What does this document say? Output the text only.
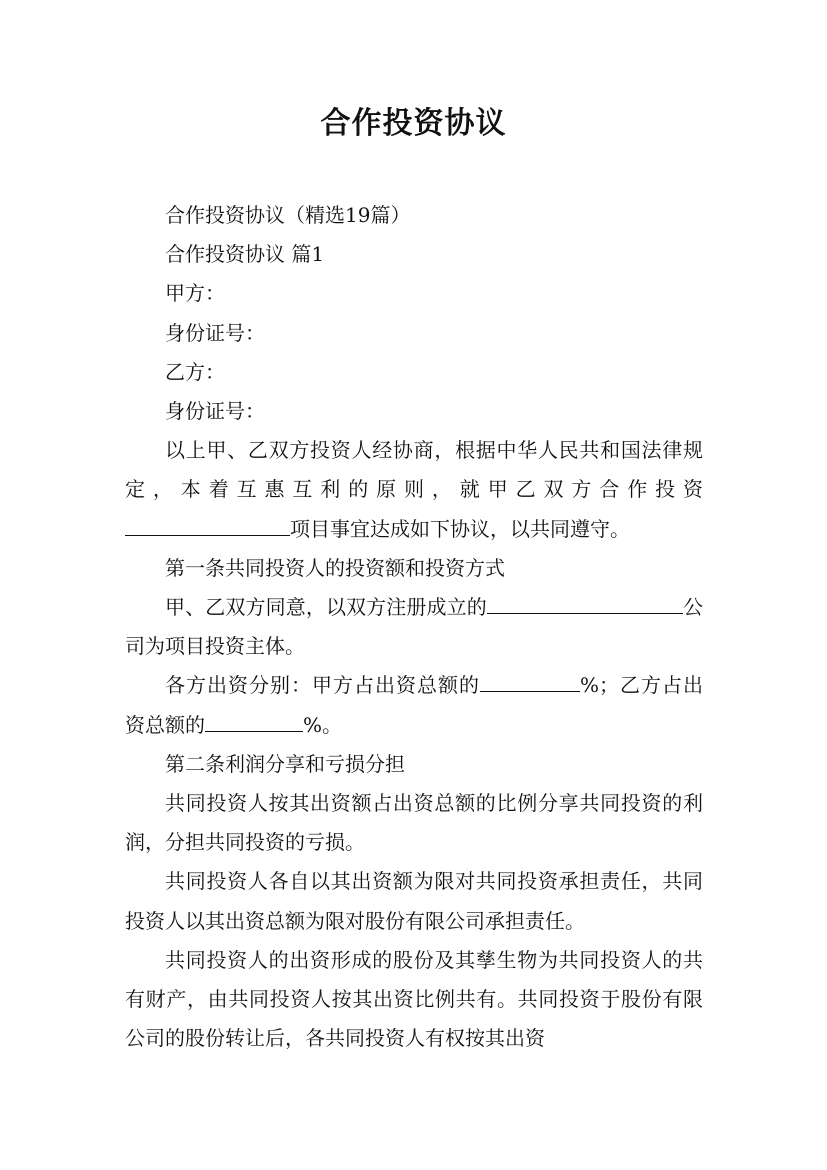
合作投资协议

合作投资协议（精选19篇）

合作投资协议 篇1

甲方：

身份证号：

乙方：

身份证号：

以上甲、乙双方投资人经协商，根据中华人民共和国法律规定，本着互惠互利的原则，就甲乙双方合作投资项目事宜达成如下协议，以共同遵守。

第一条共同投资人的投资额和投资方式

甲、乙双方同意，以双方注册成立的	公司为项目投资主体。

各方出资分别：甲方占出资总额的	%；乙方占出资总额的	%。

第二条利润分享和亏损分担

共同投资人按其出资额占出资总额的比例分享共同投资的利润，分担共同投资的亏损。

共同投资人各自以其出资额为限对共同投资承担责任，共同投资人以其出资总额为限对股份有限公司承担责任。

共同投资人的出资形成的股份及其孳生物为共同投资人的共有财产，由共同投资人按其出资比例共有。共同投资于股份有限公司的股份转让后，各共同投资人有权按其出资
